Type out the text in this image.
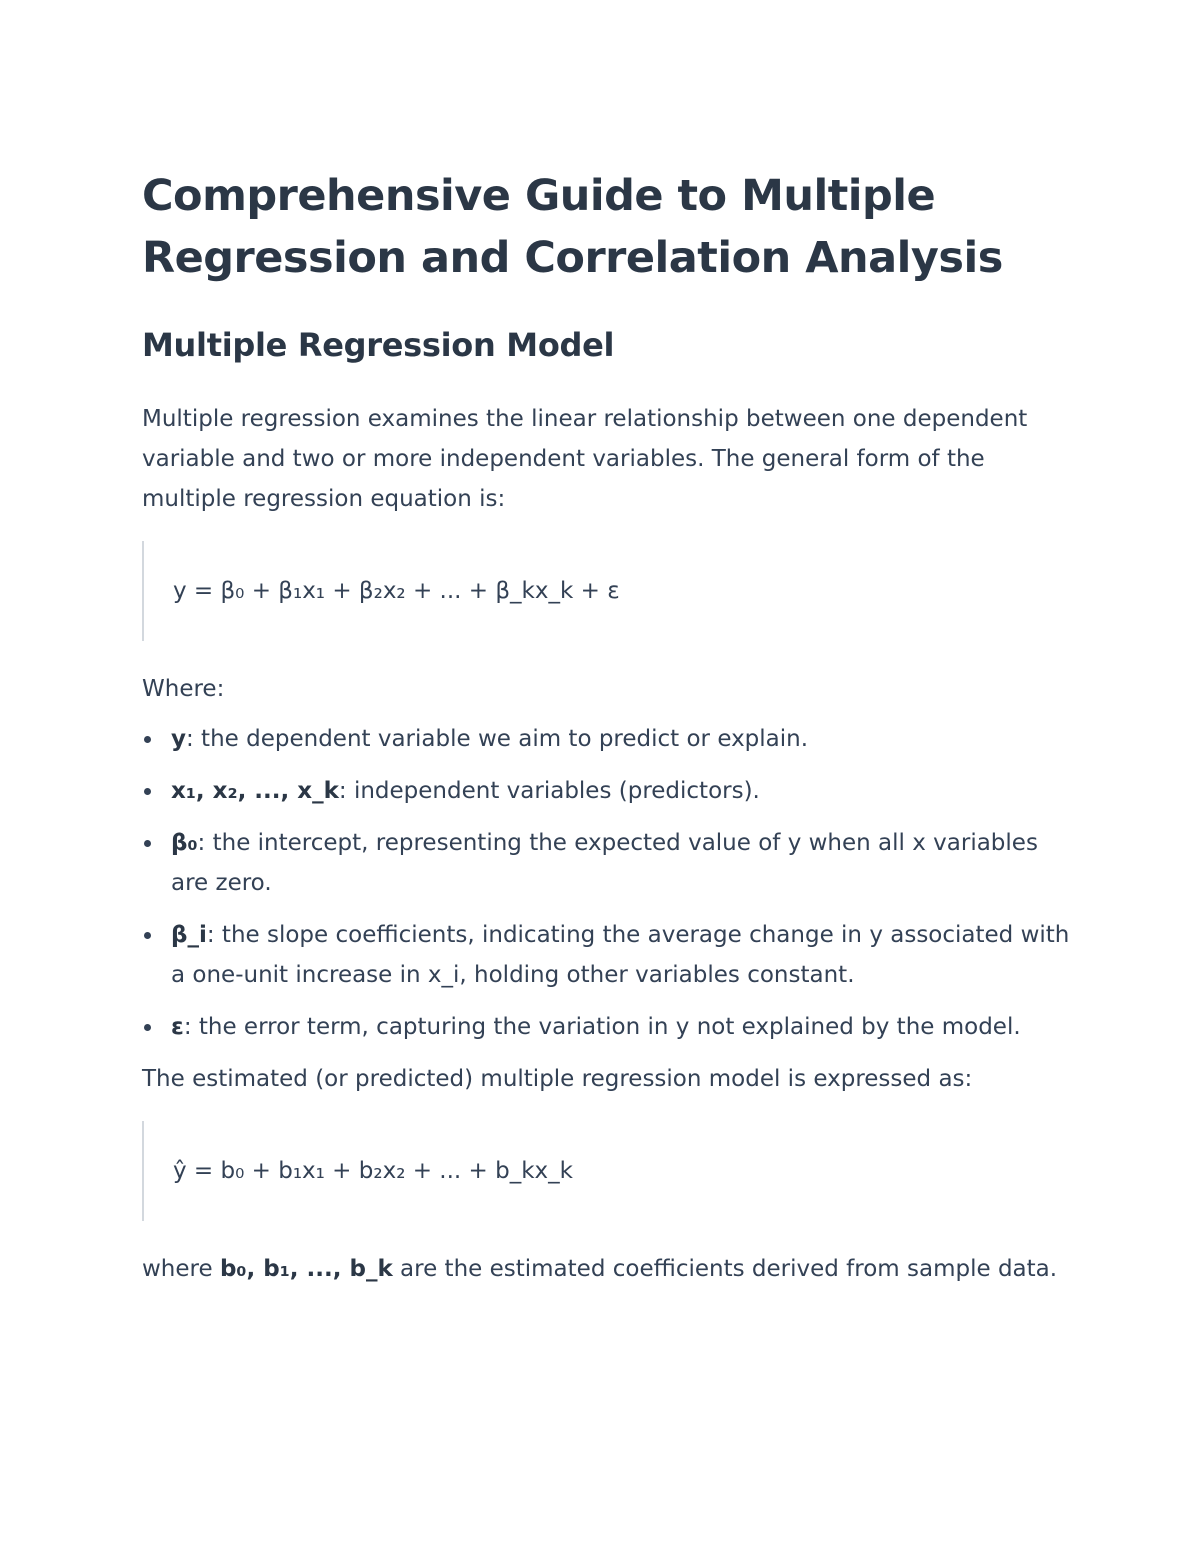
Comprehensive Guide to Multiple Regression and Correlation Analysis
Multiple Regression Model

Multiple regression examines the linear relationship between one dependent variable and two or more independent variables. The general form of the multiple regression equation is:

y = β₀ + β₁x₁ + β₂x₂ + ... + β_kx_k + ε

Where:

y: the dependent variable we aim to predict or explain.
x₁, x₂, ..., x_k: independent variables (predictors).
β₀: the intercept, representing the expected value of y when all x variables are zero.
β_i: the slope coefficients, indicating the average change in y associated with a one-unit increase in x_i, holding other variables constant.
ε: the error term, capturing the variation in y not explained by the model.

The estimated (or predicted) multiple regression model is expressed as:

ŷ = b₀ + b₁x₁ + b₂x₂ + ... + b_kx_k

where b₀, b₁, ..., b_k are the estimated coefficients derived from sample data.
